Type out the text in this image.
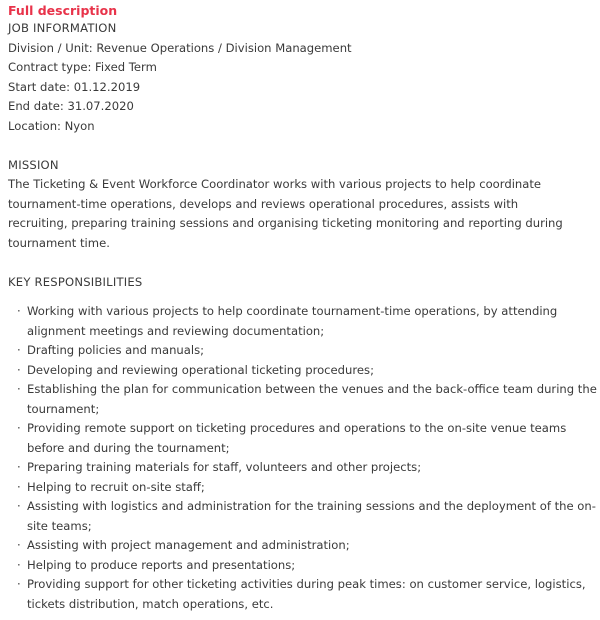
Full description

JOB INFORMATION

Division / Unit: Revenue Operations / Division Management

Contract type: Fixed Term

Start date: 01.12.2019

End date: 31.07.2020

Location: Nyon

MISSION

The Ticketing & Event Workforce Coordinator works with various projects to help coordinate tournament-time operations, develops and reviews operational procedures, assists with recruiting, preparing training sessions and organising ticketing monitoring and reporting during tournament time.

KEY RESPONSIBILITIES

· Working with various projects to help coordinate tournament-time operations, by attending alignment meetings and reviewing documentation;
· Drafting policies and manuals;
· Developing and reviewing operational ticketing procedures;
· Establishing the plan for communication between the venues and the back-office team during the tournament;
· Providing remote support on ticketing procedures and operations to the on-site venue teams before and during the tournament;
· Preparing training materials for staff, volunteers and other projects;
· Helping to recruit on-site staff;
· Assisting with logistics and administration for the training sessions and the deployment of the on-site teams;
· Assisting with project management and administration;
· Helping to produce reports and presentations;
· Providing support for other ticketing activities during peak times: on customer service, logistics, tickets distribution, match operations, etc.
